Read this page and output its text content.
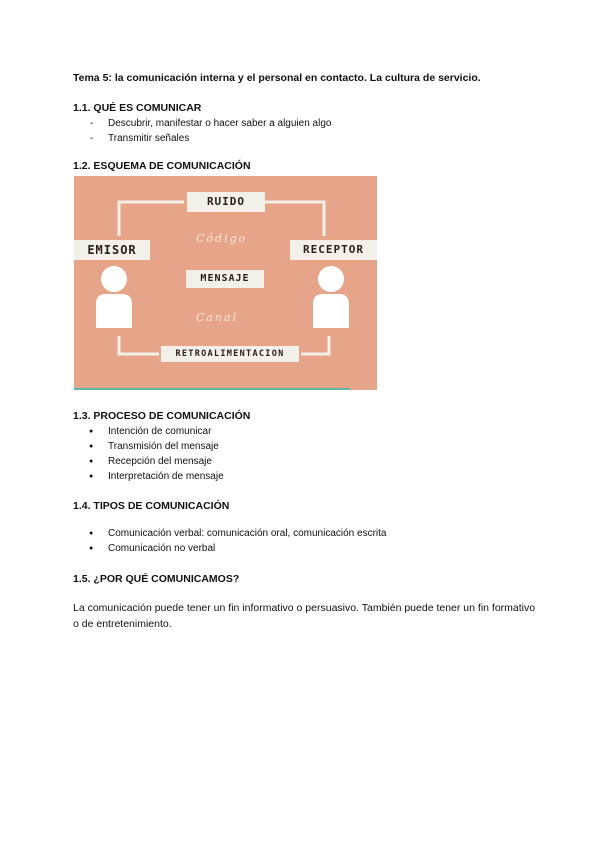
Tema 5: la comunicación interna y el personal en contacto. La cultura de servicio.
1.1. QUÉ ES COMUNICAR
- Descubrir, manifestar o hacer saber a alguien algo
- Transmitir señales
1.2. ESQUEMA DE COMUNICACIÓN
RUIDO
EMISOR	RECEPTOR
Código
MENSAJE
Canal
RETROALIMENTACION
1.3. PROCESO DE COMUNICACIÓN
● Intención de comunicar
● Transmisión del mensaje
● Recepción del mensaje
● Interpretación de mensaje
1.4. TIPOS DE COMUNICACIÓN
● Comunicación verbal: comunicación oral, comunicación escrita
● Comunicación no verbal
1.5. ¿POR QUÉ COMUNICAMOS?
La comunicación puede tener un fin informativo o persuasivo. También puede tener un fin formativo o de entretenimiento.
